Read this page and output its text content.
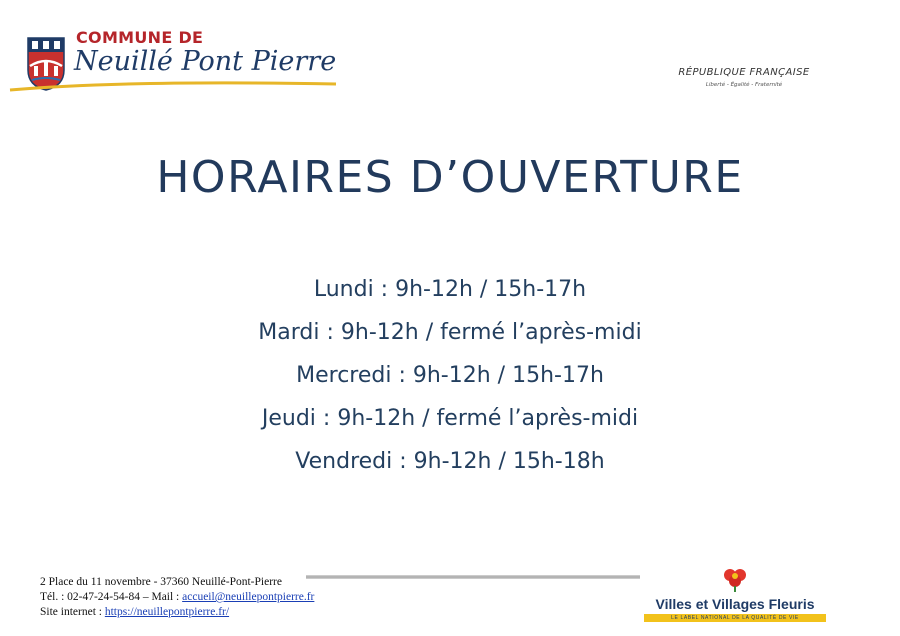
COMMUNE DE
Neuillé Pont Pierre	RÉPUBLIQUE FRANÇAISE
Liberté - Égalité - Fraternité
HORAIRES D’OUVERTURE
Lundi : 9h-12h / 15h-17h
Mardi : 9h-12h / fermé l’après-midi
Mercredi : 9h-12h / 15h-17h
Jeudi : 9h-12h / fermé l’après-midi
Vendredi : 9h-12h / 15h-18h
2 Place du 11 novembre - 37360 Neuillé-Pont-Pierre
Tél. : 02-47-24-54-84 – Mail : accueil@neuillepontpierre.fr
Site internet : https://neuillepontpierre.fr/	Villes et Villages Fleuris
LE LABEL NATIONAL DE LA QUALITÉ DE VIE
